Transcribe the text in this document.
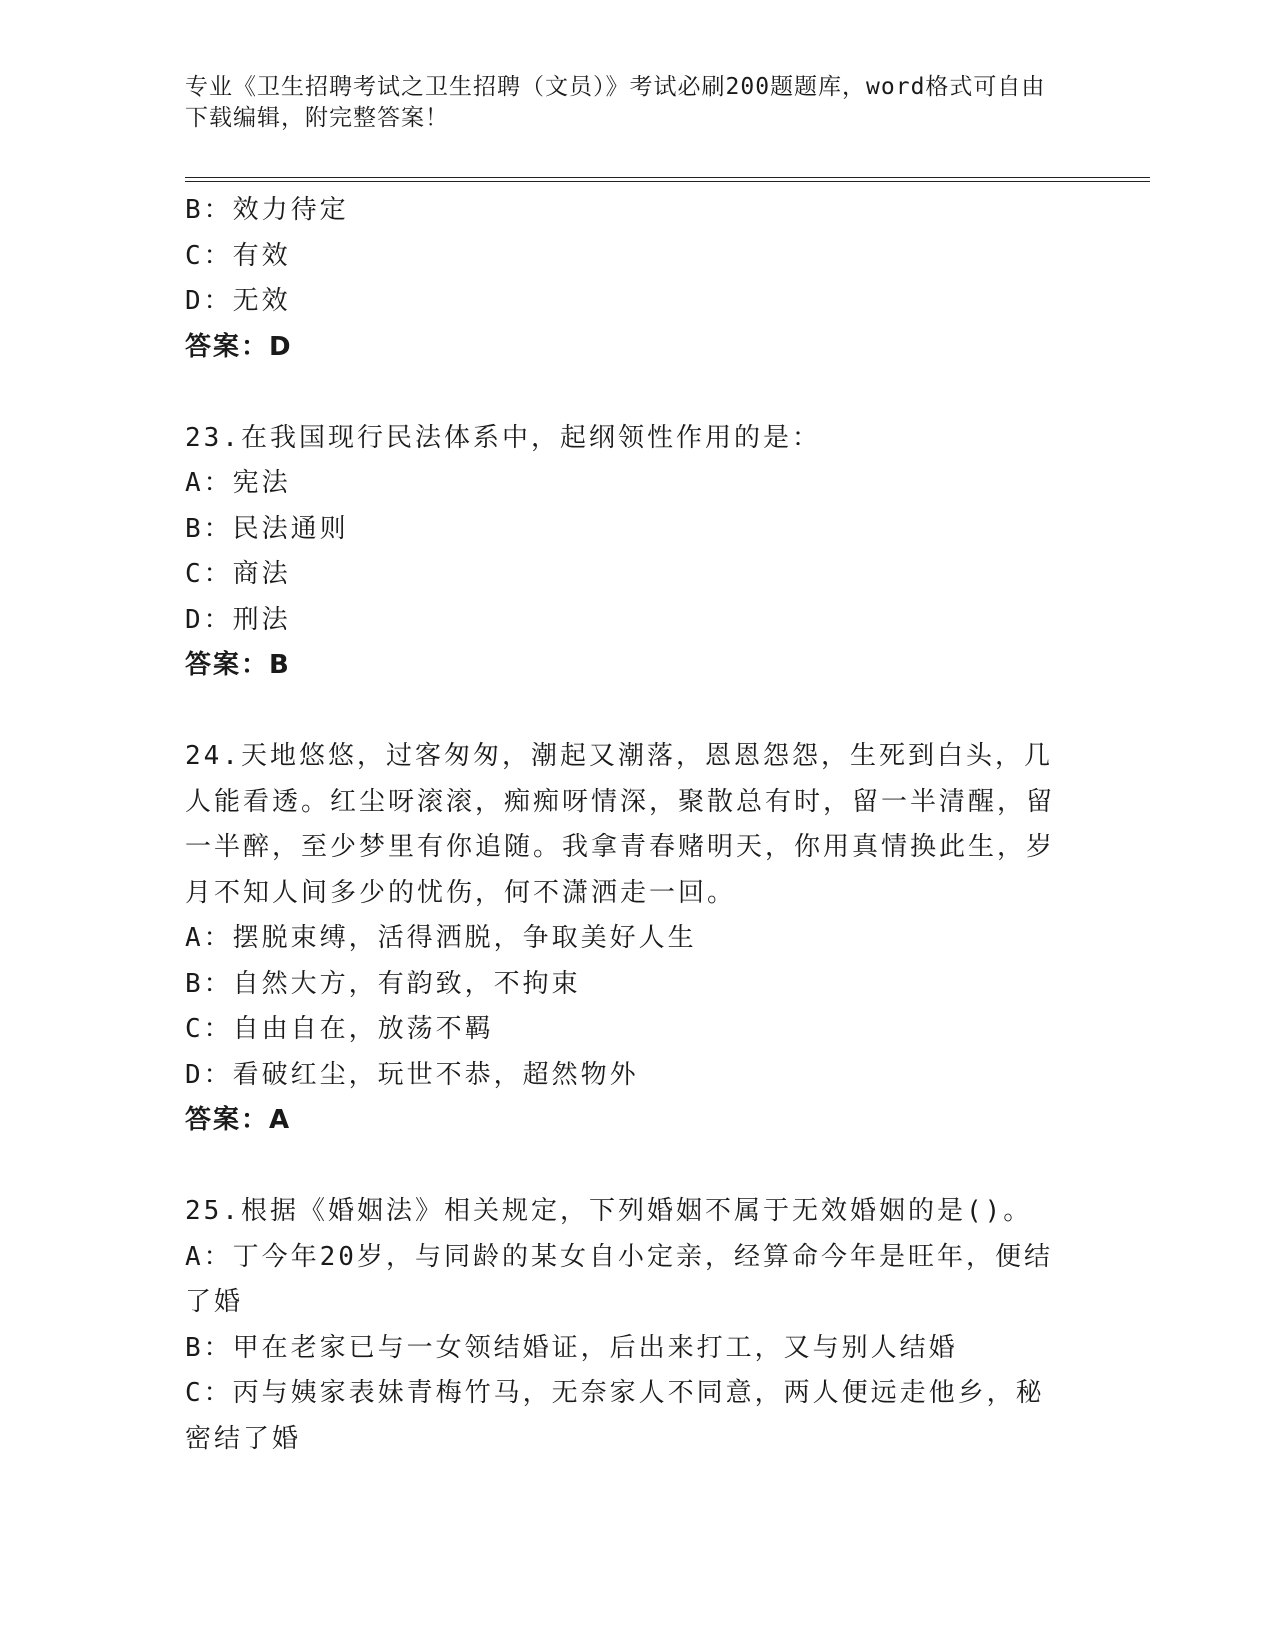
专业《卫生招聘考试之卫生招聘（文员）》考试必刷200题题库，word格式可自由下载编辑，附完整答案！

B：效力待定

C：有效

D：无效

答案：D

23.在我国现行民法体系中，起纲领性作用的是：

A：宪法

B：民法通则

C：商法

D：刑法

答案：B

24.天地悠悠，过客匆匆，潮起又潮落，恩恩怨怨，生死到白头，几人能看透。红尘呀滚滚，痴痴呀情深，聚散总有时，留一半清醒，留一半醉，至少梦里有你追随。我拿青春赌明天，你用真情换此生，岁月不知人间多少的忧伤，何不潇洒走一回。

A：摆脱束缚，活得洒脱，争取美好人生

B：自然大方，有韵致，不拘束

C：自由自在，放荡不羁

D：看破红尘，玩世不恭，超然物外

答案：A

25.根据《婚姻法》相关规定，下列婚姻不属于无效婚姻的是()。

A：丁今年20岁，与同龄的某女自小定亲，经算命今年是旺年，便结了婚

B：甲在老家已与一女领结婚证，后出来打工，又与别人结婚

C：丙与姨家表妹青梅竹马，无奈家人不同意，两人便远走他乡，秘密结了婚
